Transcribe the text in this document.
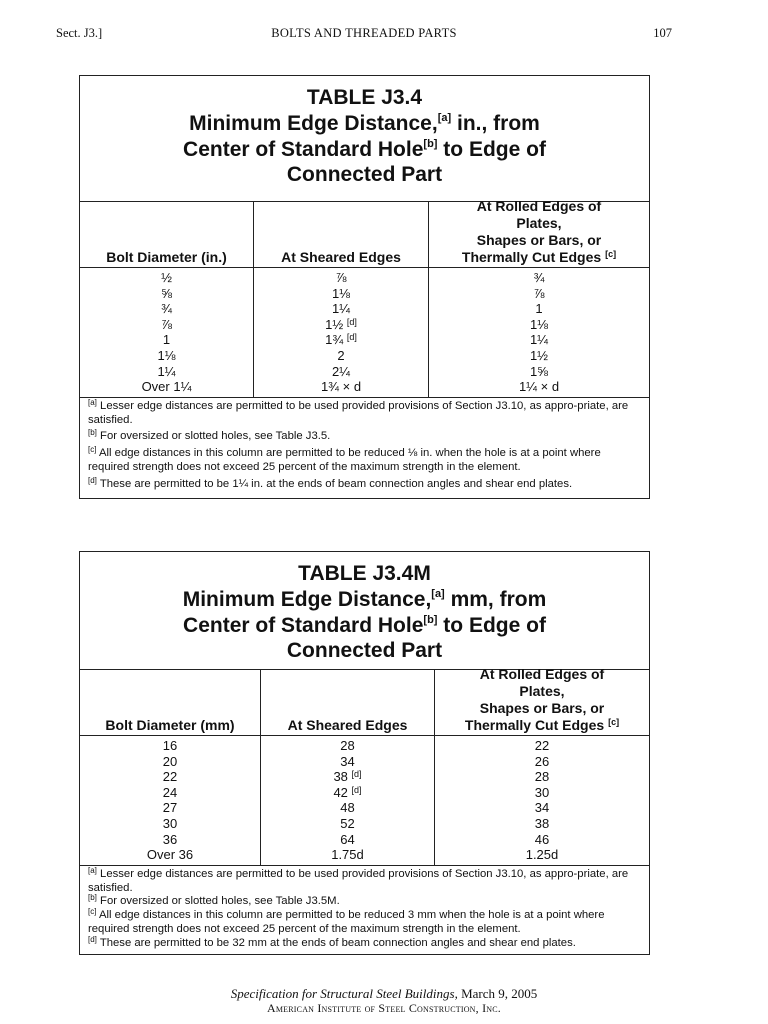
Sect. J3.]	BOLTS AND THREADED PARTS	107
TABLE J3.4
Minimum Edge Distance,[a] in., from
Center of Standard Hole[b] to Edge of
Connected Part
Bolt Diameter (in.)
½
⅝
¾
⅞
1
1⅛
1¼
Over 1¼
At Sheared Edges
⅞
1⅛
1¼
1½ [d]
1¾ [d]
2
2¼
1¾ × d
At Rolled Edges of
Plates,
Shapes or Bars, or
Thermally Cut Edges [c]
¾
⅞
1
1⅛
1¼
1½
1⅝
1¼ × d
[a] Lesser edge distances are permitted to be used provided provisions of Section J3.10, as appro-priate, are satisfied.
[b] For oversized or slotted holes, see Table J3.5.
[c] All edge distances in this column are permitted to be reduced ⅛ in. when the hole is at a point where required strength does not exceed 25 percent of the maximum strength in the element.
[d] These are permitted to be 1¼ in. at the ends of beam connection angles and shear end plates.
TABLE J3.4M
Minimum Edge Distance,[a] mm, from
Center of Standard Hole[b] to Edge of
Connected Part
Bolt Diameter (mm)
16
20
22
24
27
30
36
Over 36
At Sheared Edges
28
34
38 [d]
42 [d]
48
52
64
1.75d
At Rolled Edges of
Plates,
Shapes or Bars, or
Thermally Cut Edges [c]
22
26
28
30
34
38
46
1.25d
[a] Lesser edge distances are permitted to be used provided provisions of Section J3.10, as appro-priate, are satisfied.
[b] For oversized or slotted holes, see Table J3.5M.
[c] All edge distances in this column are permitted to be reduced 3 mm when the hole is at a point where required strength does not exceed 25 percent of the maximum strength in the element.
[d] These are permitted to be 32 mm at the ends of beam connection angles and shear end plates.
Specification for Structural Steel Buildings, March 9, 2005
American Institute of Steel Construction, Inc.
